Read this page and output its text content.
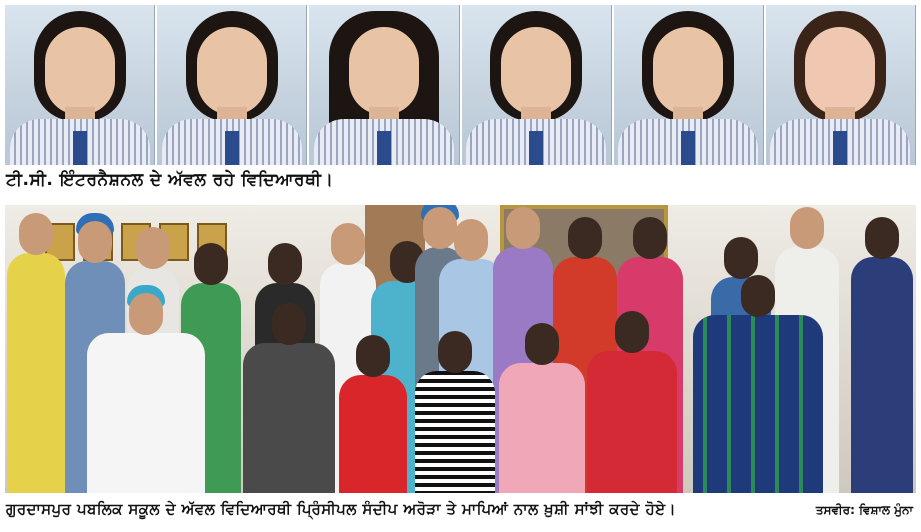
ਟੀ.ਸੀ. ਇੰਟਰਨੈਸ਼ਨਲ ਦੇ ਅੱਵਲ ਰਹੇ ਵਿਦਿਆਰਥੀ।
ਗੁਰਦਾਸਪੁਰ ਪਬਲਿਕ ਸਕੂਲ ਦੇ ਅੱਵਲ ਵਿਦਿਆਰਥੀ ਪ੍ਰਿੰਸੀਪਲ ਸੰਦੀਪ ਅਰੋੜਾ ਤੇ ਮਾਪਿਆਂ ਨਾਲ ਖ਼ੁਸ਼ੀ ਸਾਂਝੀ ਕਰਦੇ ਹੋਏ।	ਤਸਵੀਰ: ਵਿਸ਼ਾਲ ਮੁੰਨਾ
